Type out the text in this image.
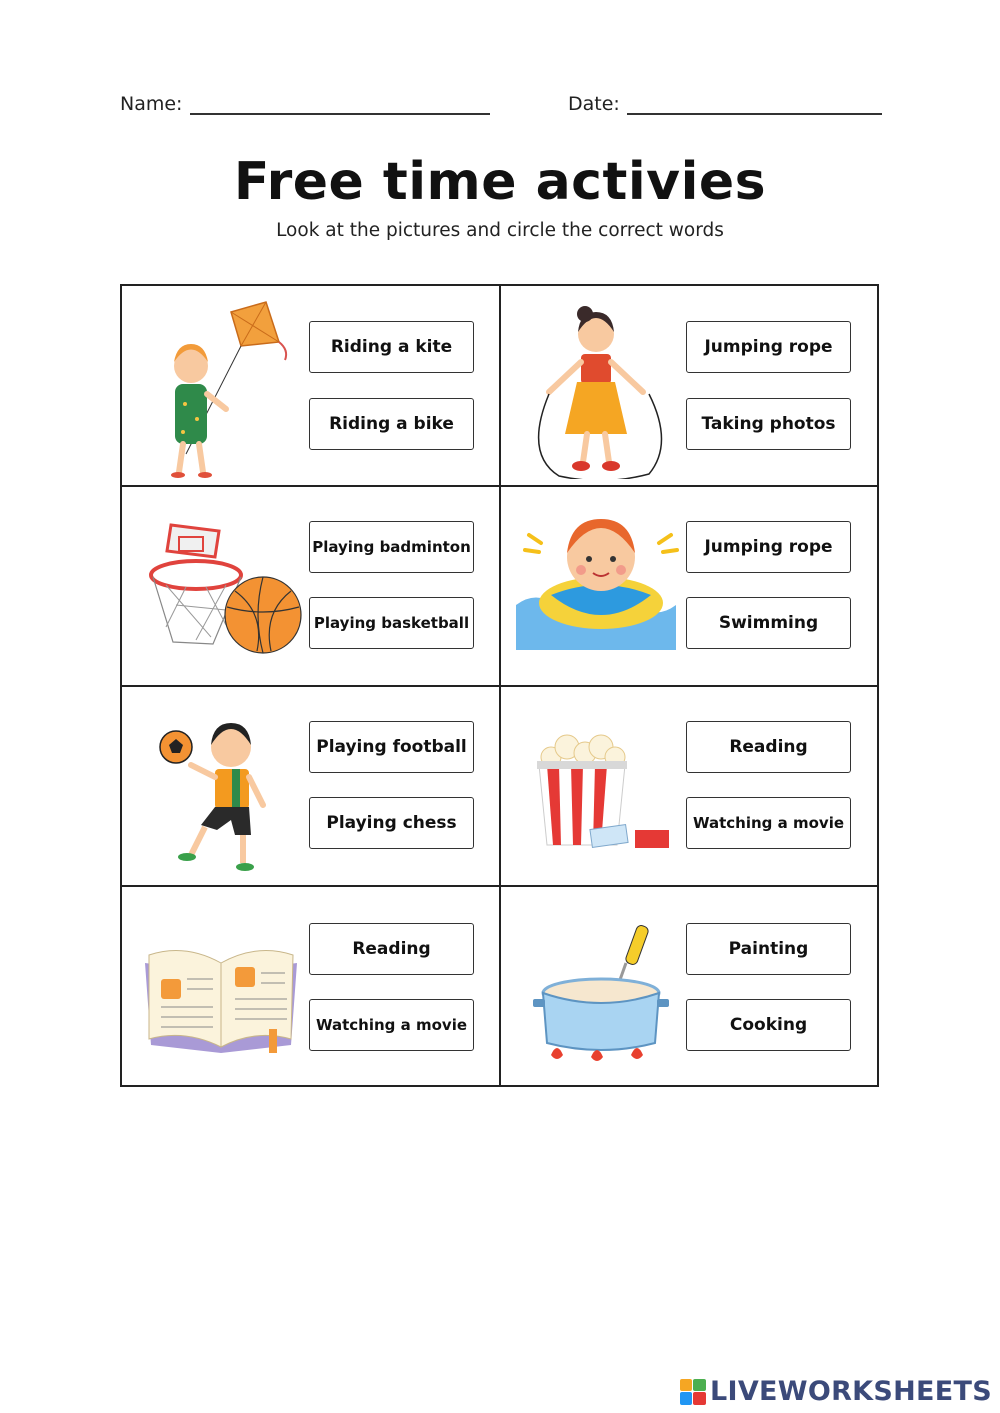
Name:	Date:
Free time activies
Look at the pictures and circle the correct words
Riding a kite
Riding a bike
Jumping rope
Taking photos
Playing badminton
Playing basketball
Jumping rope
Swimming
Playing football
Playing chess
Reading
Watching a movie
Reading
Watching a movie
Painting
Cooking
LIVEWORKSHEETS
